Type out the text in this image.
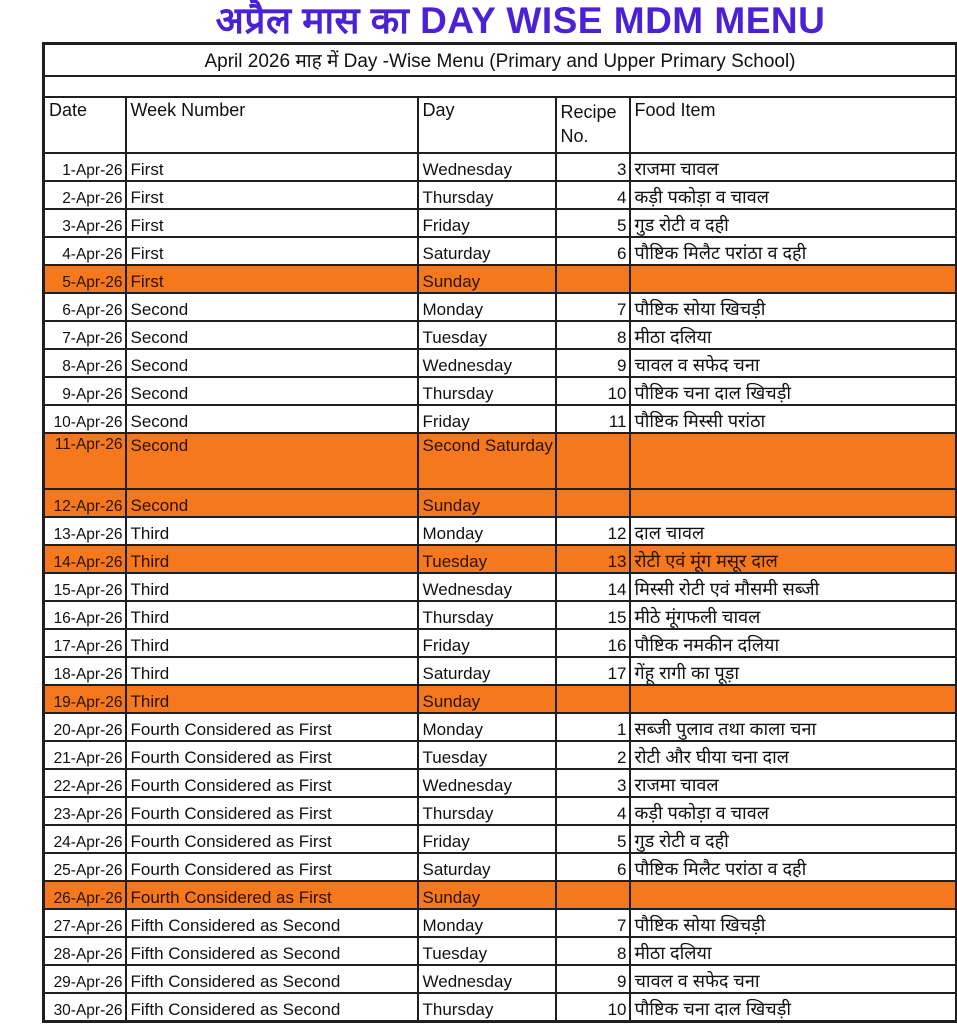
अप्रैल मास का DAY WISE MDM MENU
April 2026 माह में Day -Wise Menu (Primary and Upper Primary School)				

Date	Week Number	Day	Recipe No.	Food Item
1-Apr-26	First	Wednesday	3	राजमा चावल
2-Apr-26	First	Thursday	4	कड़ी पकोड़ा व चावल
3-Apr-26	First	Friday	5	गुड रोटी व दही
4-Apr-26	First	Saturday	6	पौष्टिक मिलैट परांठा व दही
5-Apr-26	First	Sunday		
6-Apr-26	Second	Monday	7	पौष्टिक सोया खिचड़ी
7-Apr-26	Second	Tuesday	8	मीठा दलिया
8-Apr-26	Second	Wednesday	9	चावल व सफेद चना
9-Apr-26	Second	Thursday	10	पौष्टिक चना दाल खिचड़ी
10-Apr-26	Second	Friday	11	पौष्टिक मिस्सी परांठा
11-Apr-26	Second	Second Saturday		
12-Apr-26	Second	Sunday		
13-Apr-26	Third	Monday	12	दाल चावल
14-Apr-26	Third	Tuesday	13	रोटी एवं मूंग मसूर दाल
15-Apr-26	Third	Wednesday	14	मिस्सी रोटी एवं मौसमी सब्जी
16-Apr-26	Third	Thursday	15	मीठे मूंगफली चावल
17-Apr-26	Third	Friday	16	पौष्टिक नमकीन दलिया
18-Apr-26	Third	Saturday	17	गेंहू रागी का पूड़ा
19-Apr-26	Third	Sunday		
20-Apr-26	Fourth Considered as First	Monday	1	सब्जी पुलाव तथा काला चना
21-Apr-26	Fourth Considered as First	Tuesday	2	रोटी और घीया चना दाल
22-Apr-26	Fourth Considered as First	Wednesday	3	राजमा चावल
23-Apr-26	Fourth Considered as First	Thursday	4	कड़ी पकोड़ा व चावल
24-Apr-26	Fourth Considered as First	Friday	5	गुड रोटी व दही
25-Apr-26	Fourth Considered as First	Saturday	6	पौष्टिक मिलैट परांठा व दही
26-Apr-26	Fourth Considered as First	Sunday		
27-Apr-26	Fifth Considered as Second	Monday	7	पौष्टिक सोया खिचड़ी
28-Apr-26	Fifth Considered as Second	Tuesday	8	मीठा दलिया
29-Apr-26	Fifth Considered as Second	Wednesday	9	चावल व सफेद चना
30-Apr-26	Fifth Considered as Second	Thursday	10	पौष्टिक चना दाल खिचड़ी
